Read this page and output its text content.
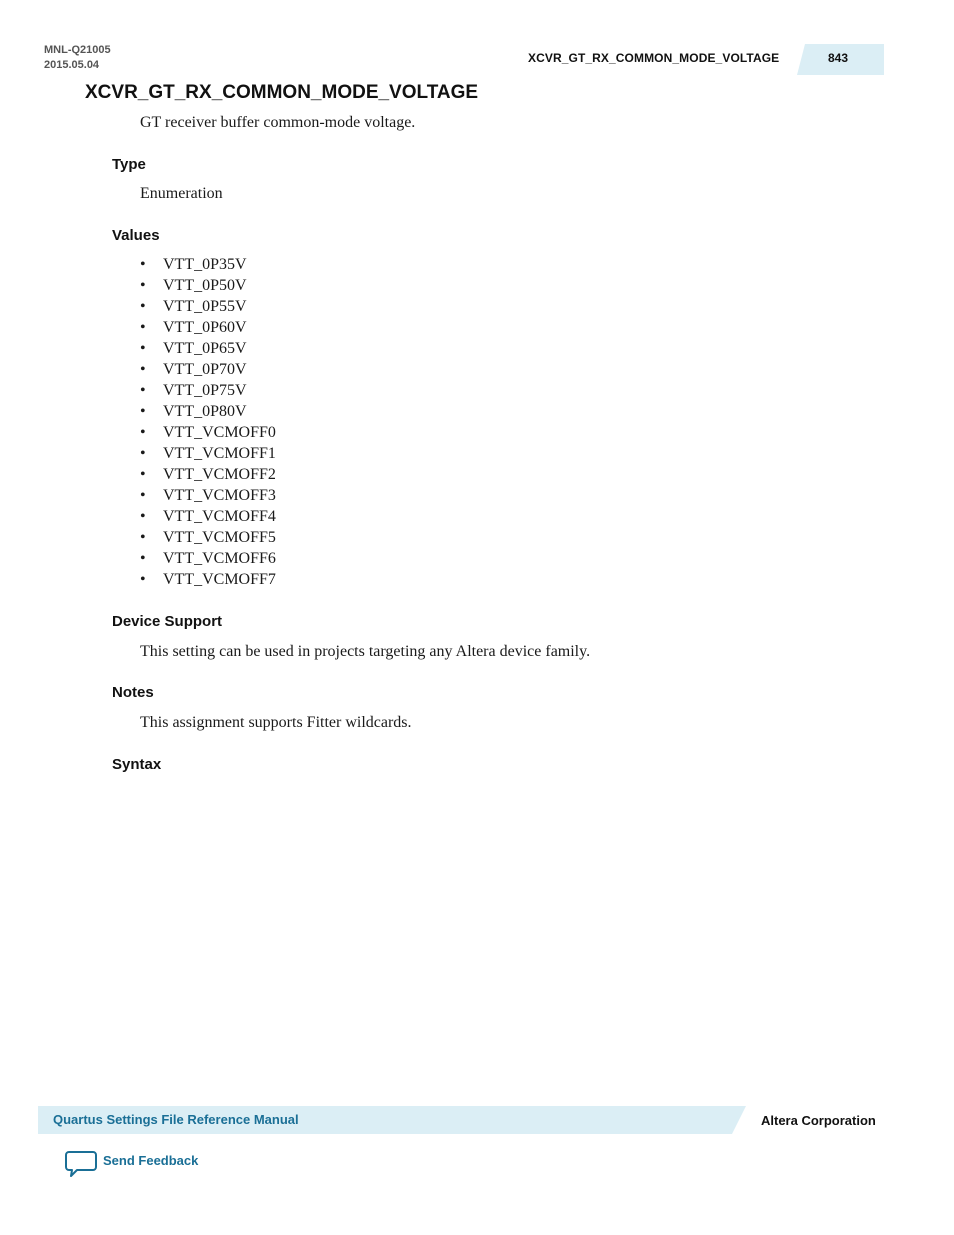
MNL-Q21005
2015.05.04	XCVR_GT_RX_COMMON_MODE_VOLTAGE	843
XCVR_GT_RX_COMMON_MODE_VOLTAGE
GT receiver buffer common-mode voltage.
Type
Enumeration
Values
• VTT_0P35V
• VTT_0P50V
• VTT_0P55V
• VTT_0P60V
• VTT_0P65V
• VTT_0P70V
• VTT_0P75V
• VTT_0P80V
• VTT_VCMOFF0
• VTT_VCMOFF1
• VTT_VCMOFF2
• VTT_VCMOFF3
• VTT_VCMOFF4
• VTT_VCMOFF5
• VTT_VCMOFF6
• VTT_VCMOFF7
Device Support
This setting can be used in projects targeting any Altera device family.
Notes
This assignment supports Fitter wildcards.
Syntax
Quartus Settings File Reference Manual	Altera Corporation
Send Feedback
